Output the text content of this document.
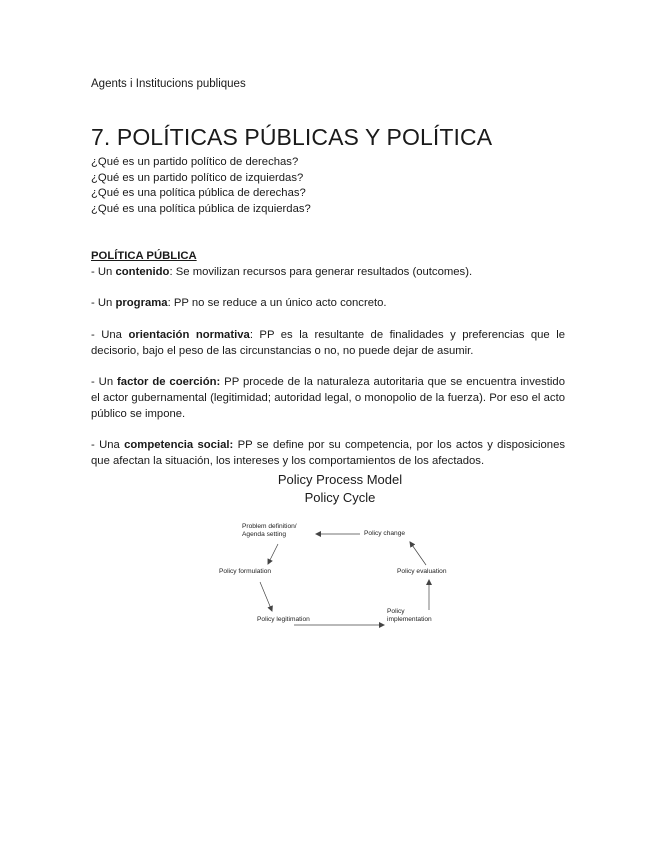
Agents i Institucions publiques
7. POLÍTICAS PÚBLICAS Y POLÍTICA
¿Qué es un partido político de derechas?
¿Qué es un partido político de izquierdas?
¿Qué es una política pública de derechas?
¿Qué es una política pública de izquierdas?
POLÍTICA PÚBLICA
- Un contenido: Se movilizan recursos para generar resultados (outcomes).
- Un programa: PP no se reduce a un único acto concreto.
- Una orientación normativa: PP es la resultante de finalidades y preferencias que le decisorio, bajo el peso de las circunstancias o no, no puede dejar de asumir.
- Un factor de coerción: PP procede de la naturaleza autoritaria que se encuentra investido el actor gubernamental (legitimidad; autoridad legal, o monopolio de la fuerza). Por eso el acto público se impone.
- Una competencia social: PP se define por su competencia, por los actos y disposiciones que afectan la situación, los intereses y los comportamientos de los afectados.
Policy Process Model
Policy Cycle
Problem definition/
Agenda setting	Policy change
Policy formulation	Policy evaluation
Policy legitimation
Policy
implementation
